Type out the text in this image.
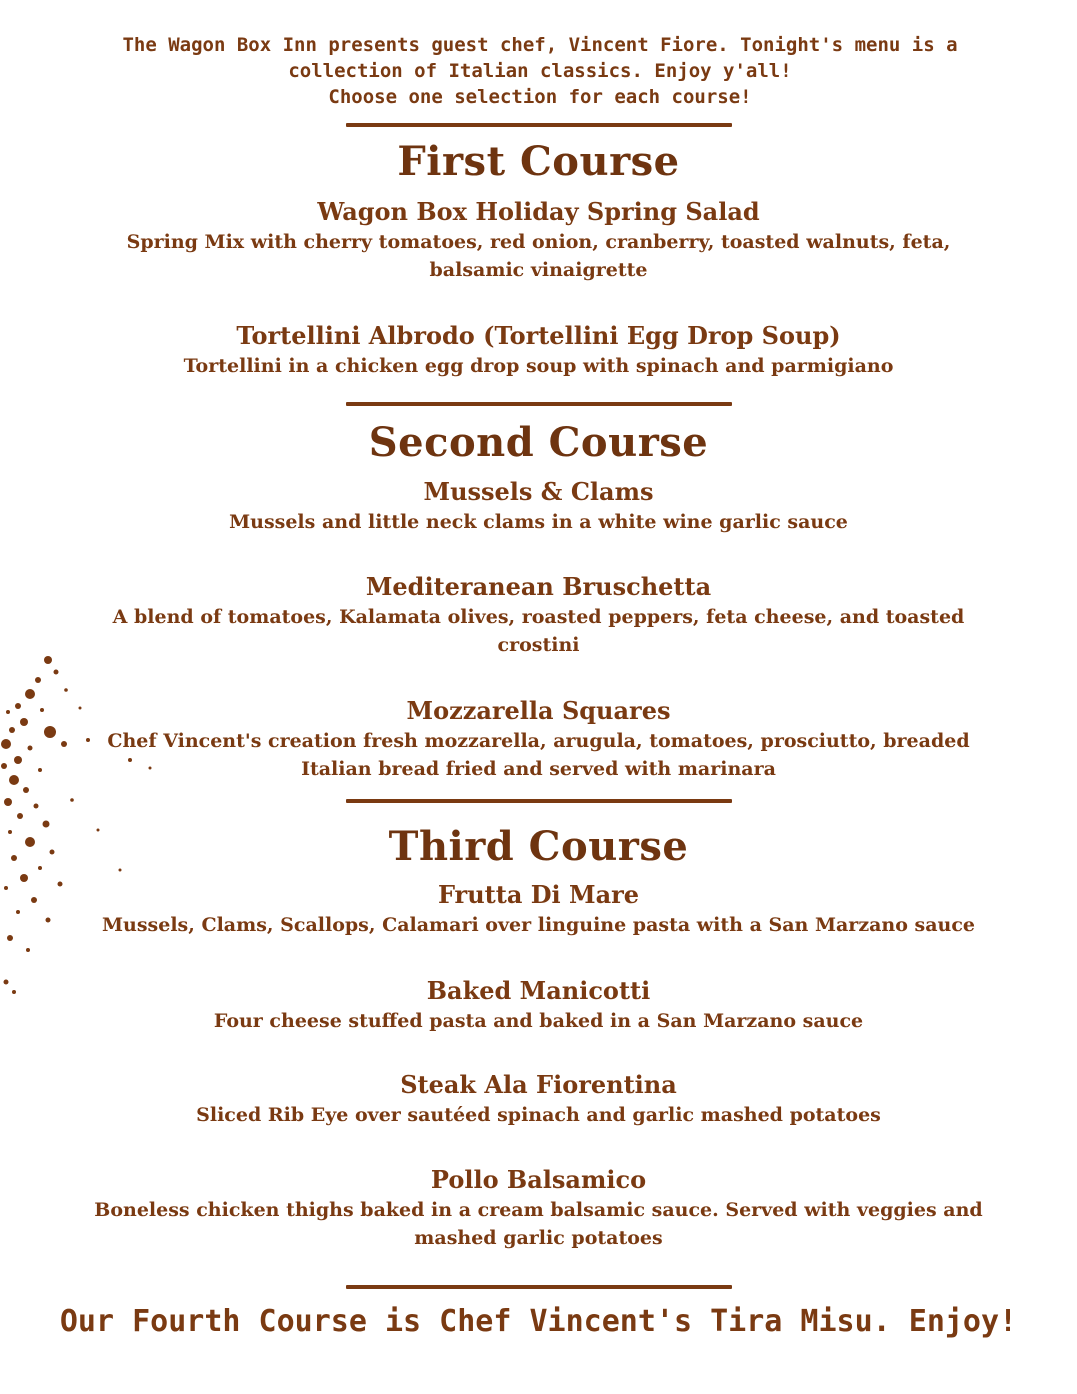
The Wagon Box Inn presents guest chef, Vincent Fiore. Tonight's menu is a
collection of Italian classics. Enjoy y'all!
Choose one selection for each course!
First Course
Wagon Box Holiday Spring Salad
Spring Mix with cherry tomatoes, red onion, cranberry, toasted walnuts, feta,
balsamic vinaigrette
Tortellini Albrodo (Tortellini Egg Drop Soup)
Tortellini in a chicken egg drop soup with spinach and parmigiano
Second Course
Mussels & Clams
Mussels and little neck clams in a white wine garlic sauce
Mediteranean Bruschetta
A blend of tomatoes, Kalamata olives, roasted peppers, feta cheese, and toasted
crostini
Mozzarella Squares
Chef Vincent's creation fresh mozzarella, arugula, tomatoes, prosciutto, breaded
Italian bread fried and served with marinara
Third Course
Frutta Di Mare
Mussels, Clams, Scallops, Calamari over linguine pasta with a San Marzano sauce
Baked Manicotti
Four cheese stuffed pasta and baked in a San Marzano sauce
Steak Ala Fiorentina
Sliced Rib Eye over sautéed spinach and garlic mashed potatoes
Pollo Balsamico
Boneless chicken thighs baked in a cream balsamic sauce. Served with veggies and
mashed garlic potatoes
Our Fourth Course is Chef Vincent's Tira Misu. Enjoy!
